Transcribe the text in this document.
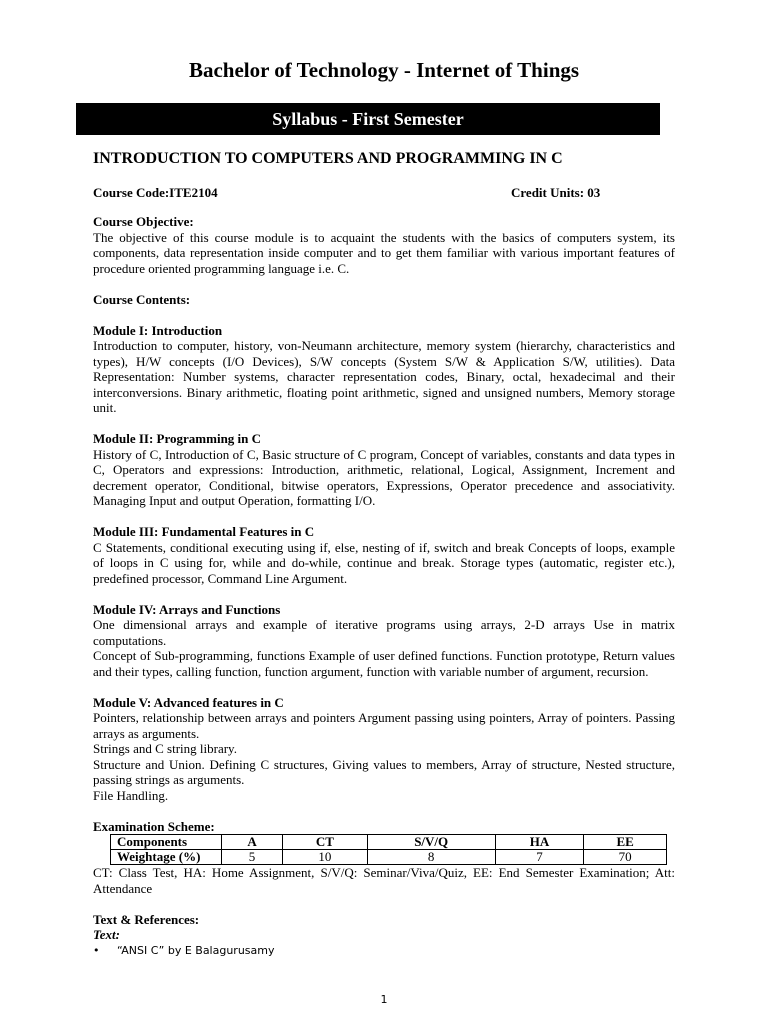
Bachelor of Technology - Internet of Things
Syllabus - First Semester
INTRODUCTION TO COMPUTERS AND PROGRAMMING IN C
Course Code:ITE2104	Credit Units: 03

Course Objective:

The objective of this course module is to acquaint the students with the basics of computers system, its components, data representation inside computer and to get them familiar with various important features of procedure oriented programming language i.e. C.

Course Contents:

Module I: Introduction

Introduction to computer, history, von-Neumann architecture, memory system (hierarchy, characteristics and types), H/W concepts (I/O Devices), S/W concepts (System S/W & Application S/W, utilities). Data Representation: Number systems, character representation codes, Binary, octal, hexadecimal and their interconversions. Binary arithmetic, floating point arithmetic, signed and unsigned numbers, Memory storage unit.

Module II: Programming in C

History of C, Introduction of C, Basic structure of C program, Concept of variables, constants and data types in C, Operators and expressions: Introduction, arithmetic, relational, Logical, Assignment, Increment and decrement operator, Conditional, bitwise operators, Expressions, Operator precedence and associativity. Managing Input and output Operation, formatting I/O.

Module III: Fundamental Features in C

C Statements, conditional executing using if, else, nesting of if, switch and break Concepts of loops, example of loops in C using for, while and do-while, continue and break. Storage types (automatic, register etc.), predefined processor, Command Line Argument.

Module IV: Arrays and Functions

One dimensional arrays and example of iterative programs using arrays, 2-D arrays Use in matrix computations.

Concept of Sub-programming, functions Example of user defined functions. Function prototype, Return values and their types, calling function, function argument, function with variable number of argument, recursion.

Module V: Advanced features in C

Pointers, relationship between arrays and pointers Argument passing using pointers, Array of pointers. Passing arrays as arguments.

Strings and C string library.

Structure and Union. Defining C structures, Giving values to members, Array of structure, Nested structure, passing strings as arguments.

File Handling.

Examination Scheme:

Components	A	CT	S/V/Q	HA	EE
Weightage (%)	5	10	8	7	70

CT: Class Test, HA: Home Assignment, S/V/Q: Seminar/Viva/Quiz, EE: End Semester Examination; Att: Attendance

Text & References:

Text:

• “ANSI C” by E Balagurusamy

1
